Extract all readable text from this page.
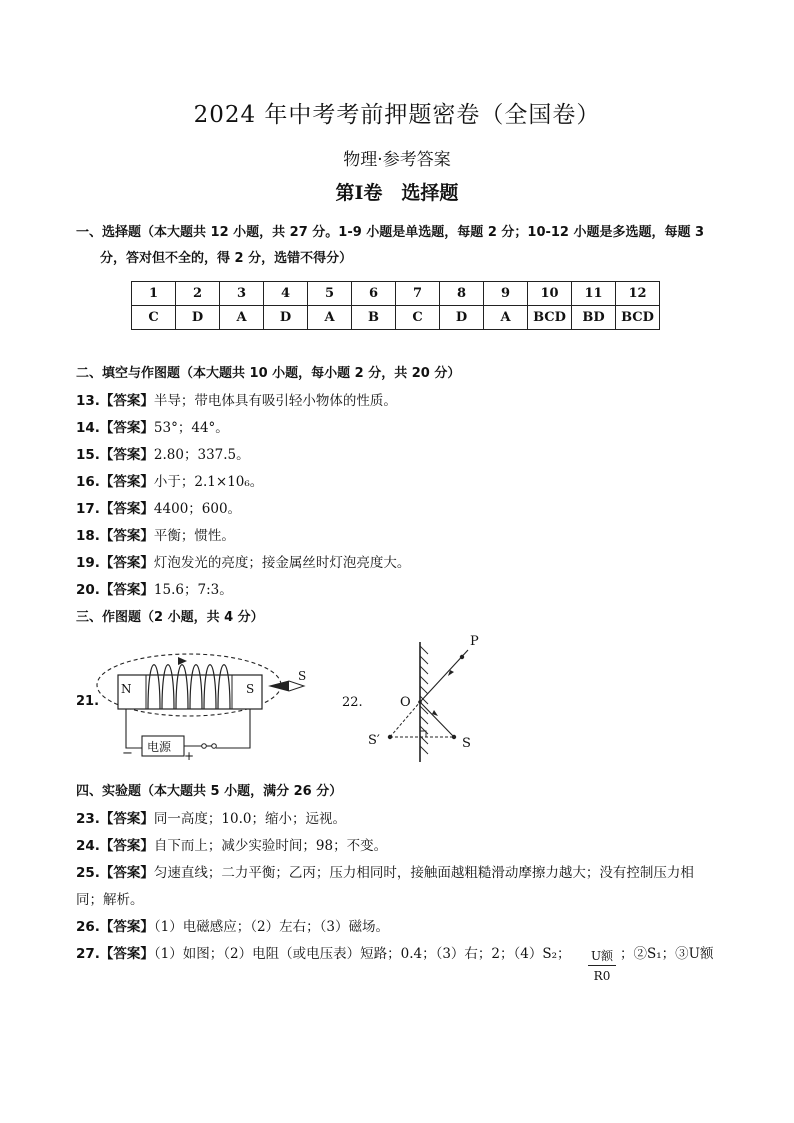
2024 年中考考前押题密卷（全国卷）
物理·参考答案
第Ⅰ卷　选择题
一、选择题（本大题共 12 小题，共 27 分。1-9 小题是单选题，每题 2 分；10-12 小题是多选题，每题 3
分，答对但不全的，得 2 分，选错不得分）
1	2	3	4	5	6	7	8	9	10	11	12
C	D	A	D	A	B	C	D	A	BCD	BD	BCD
二、填空与作图题（本大题共 10 小题，每小题 2 分，共 20 分）
13.【答案】半导；带电体具有吸引轻小物体的性质。
14.【答案】53°；44°。
15.【答案】2.80；337.5。
16.【答案】小于；2.1×10₆。
17.【答案】4400；600。
18.【答案】平衡；惯性。
19.【答案】灯泡发光的亮度；接金属丝时灯泡亮度大。
20.【答案】15.6；7:3。
三、作图题（2 小题，共 4 分）
21.
N	S
S
电源
−	+
22.
P
O
S′	S
四、实验题（本大题共 5 小题，满分 26 分）
23.【答案】同一高度；10.0；缩小；远视。
24.【答案】自下而上；减少实验时间；98；不变。
25.【答案】匀速直线；二力平衡；乙丙；压力相同时，接触面越粗糙滑动摩擦力越大；没有控制压力相
同；解析。
26.【答案】（1）电磁感应；（2）左右；（3）磁场。
27.【答案】（1）如图；（2）电阻（或电压表）短路；0.4；（3）右；2；（4）S₂；	U额
R0
；②S₁；③U额
